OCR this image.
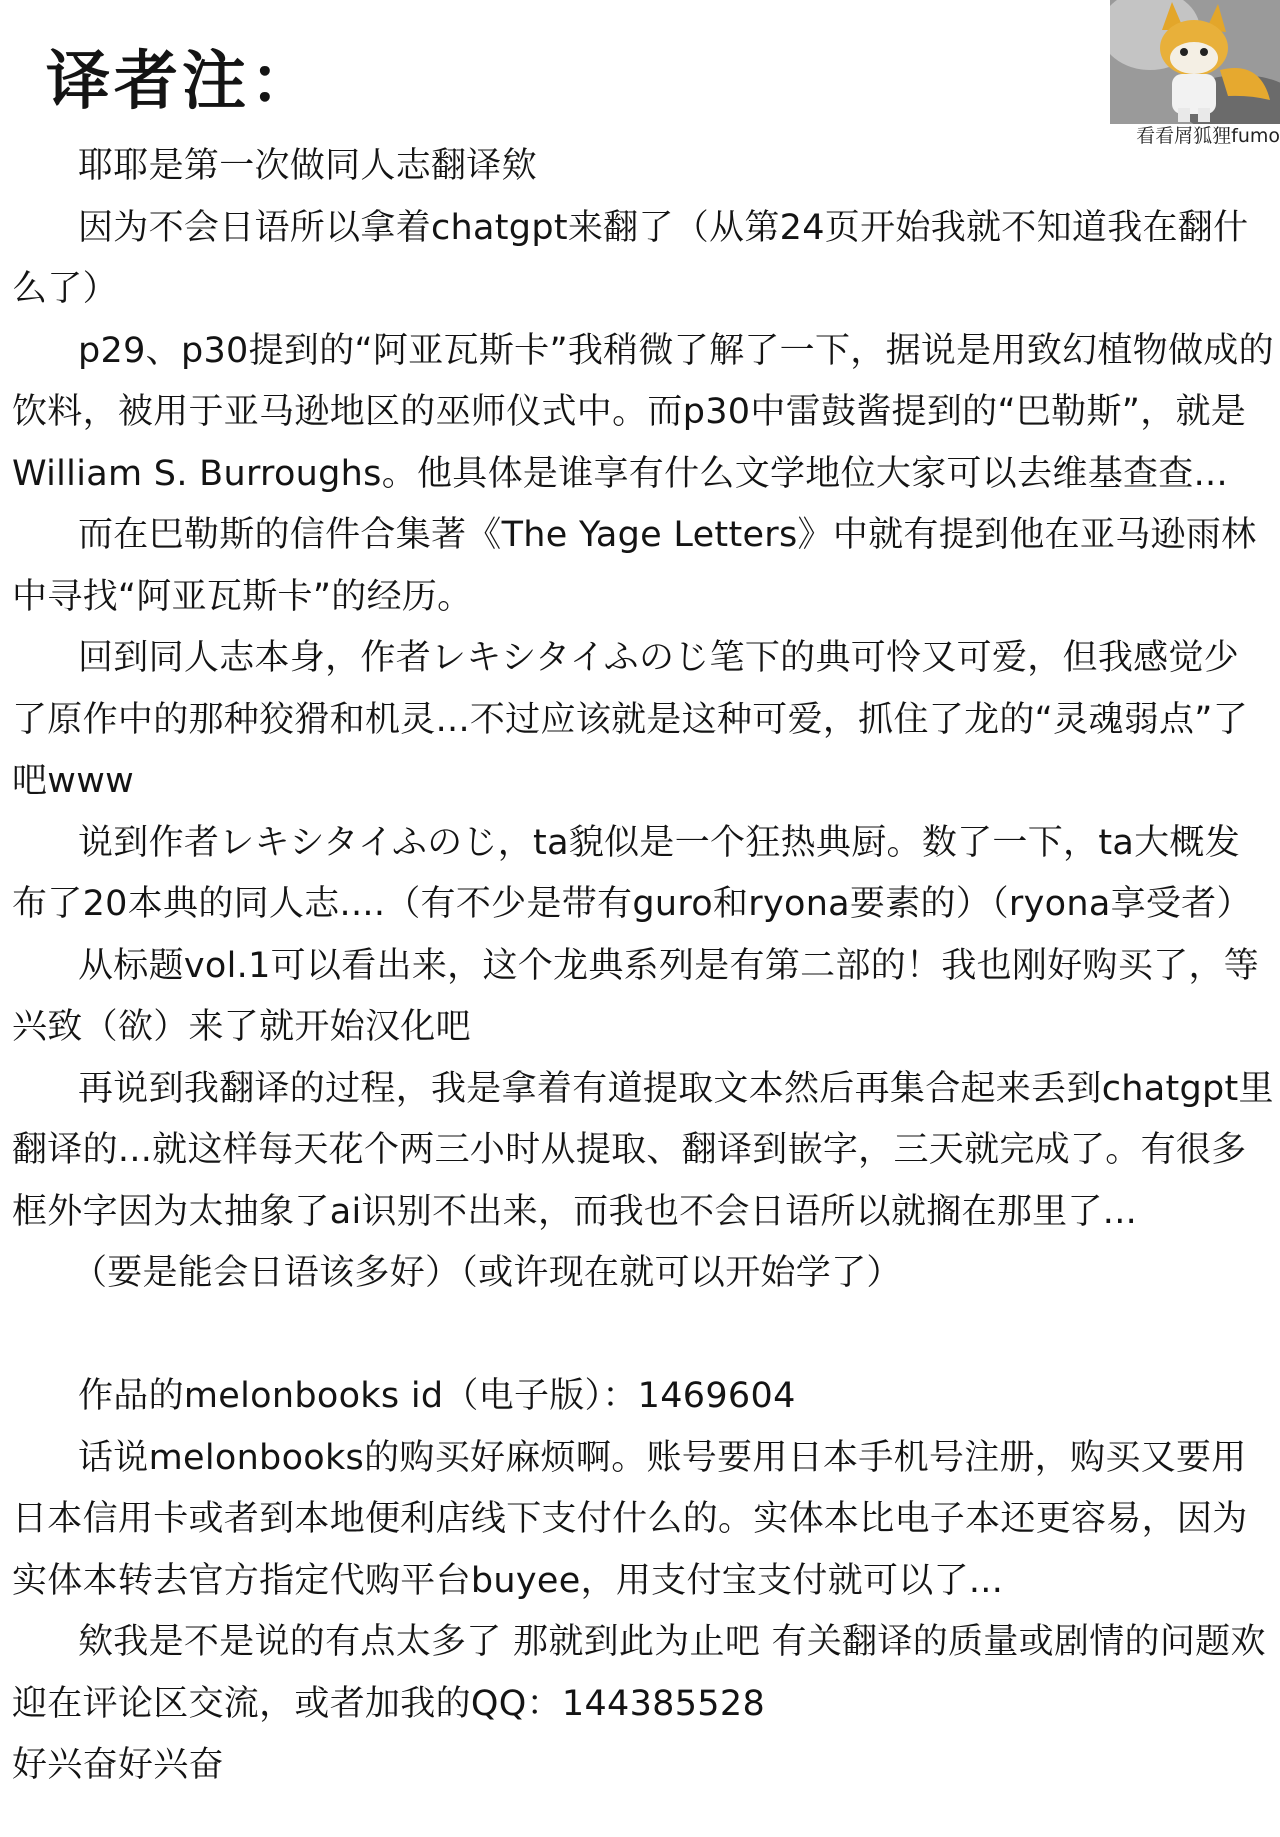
译者注：
看看屑狐狸fumo

耶耶是第一次做同人志翻译欸

因为不会日语所以拿着chatgpt来翻了（从第24页开始我就不知道我在翻什么了）

p29、p30提到的“阿亚瓦斯卡”我稍微了解了一下，据说是用致幻植物做成的饮料，被用于亚马逊地区的巫师仪式中。而p30中雷鼓酱提到的“巴勒斯”，就是William S. Burroughs。他具体是谁享有什么文学地位大家可以去维基查查...

而在巴勒斯的信件合集著《The Yage Letters》中就有提到他在亚马逊雨林中寻找“阿亚瓦斯卡”的经历。

回到同人志本身，作者レキシタイふのじ笔下的典可怜又可爱，但我感觉少了原作中的那种狡猾和机灵...不过应该就是这种可爱，抓住了龙的“灵魂弱点”了吧www

说到作者レキシタイふのじ，ta貌似是一个狂热典厨。数了一下，ta大概发布了20本典的同人志....（有不少是带有guro和ryona要素的）（ryona享受者）

从标题vol.1可以看出来，这个龙典系列是有第二部的！我也刚好购买了，等兴致（欲）来了就开始汉化吧

再说到我翻译的过程，我是拿着有道提取文本然后再集合起来丢到chatgpt里翻译的...就这样每天花个两三小时从提取、翻译到嵌字，三天就完成了。有很多框外字因为太抽象了ai识别不出来，而我也不会日语所以就搁在那里了...

（要是能会日语该多好）（或许现在就可以开始学了）

作品的melonbooks id（电子版）：1469604

话说melonbooks的购买好麻烦啊。账号要用日本手机号注册，购买又要用日本信用卡或者到本地便利店线下支付什么的。实体本比电子本还更容易，因为实体本转去官方指定代购平台buyee，用支付宝支付就可以了...

欸我是不是说的有点太多了 那就到此为止吧 有关翻译的质量或剧情的问题欢迎在评论区交流，或者加我的QQ：144385528

好兴奋好兴奋
